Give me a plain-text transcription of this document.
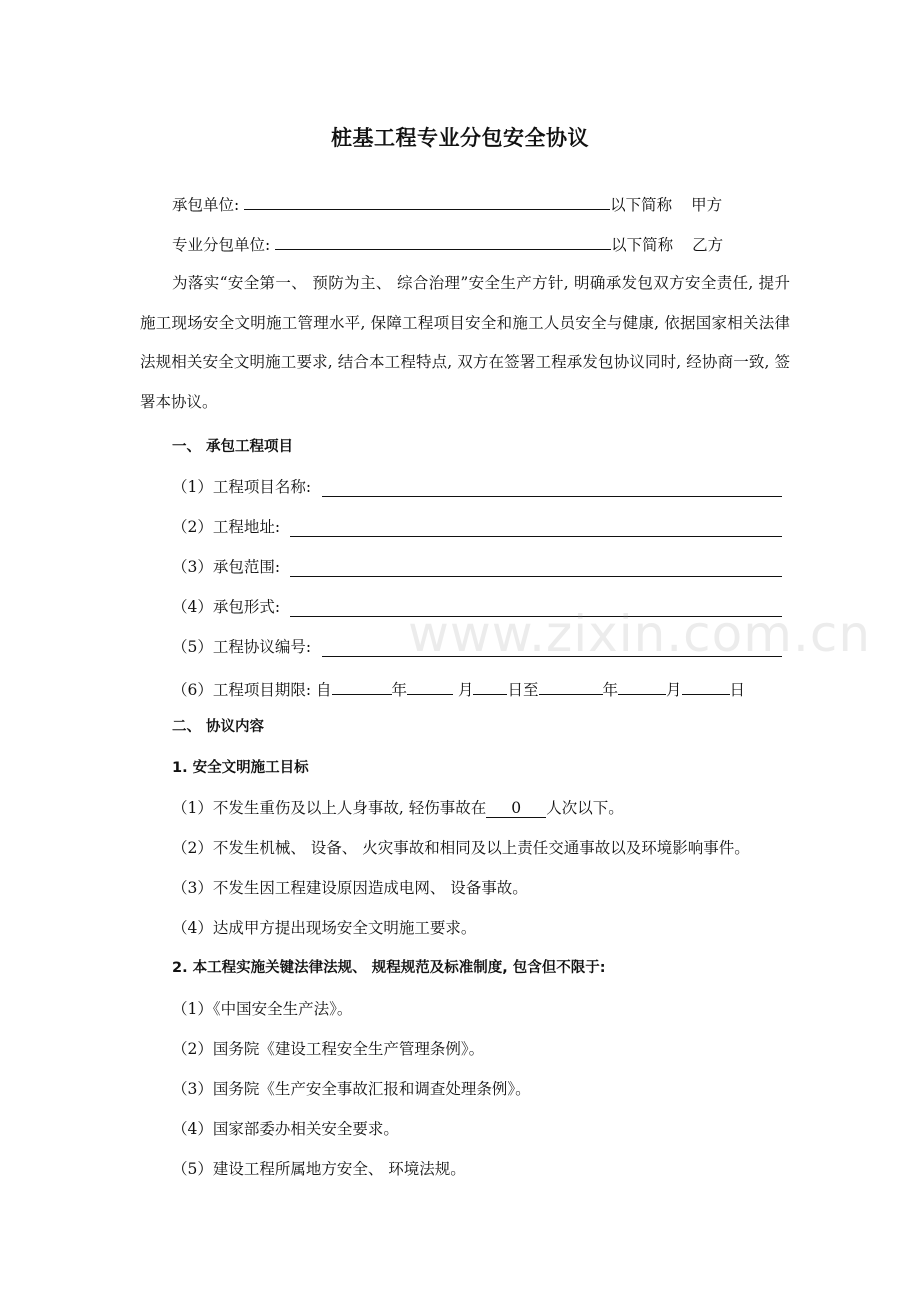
桩基工程专业分包安全协议
承包单位:	以下简称 甲方
专业分包单位:	以下简称 乙方
为落实“安全第一、 预防为主、 综合治理”安全生产方针, 明确承发包双方安全责任, 提升施工现场安全文明施工管理水平, 保障工程项目安全和施工人员安全与健康, 依据国家相关法律法规相关安全文明施工要求, 结合本工程特点, 双方在签署工程承发包协议同时, 经协商一致, 签署本协议。
一、 承包工程项目
（1）工程项目名称:
（2）工程地址:
（3）承包范围:
（4）承包形式:
（5）工程协议编号:
（6）工程项目期限: 自	年	月 日至	年	月	日
二、 协议内容
1. 安全文明施工目标
（1）不发生重伤及以上人身事故, 轻伤事故在 0 人次以下。
（2）不发生机械、 设备、 火灾事故和相同及以上责任交通事故以及环境影响事件。
（3）不发生因工程建设原因造成电网、 设备事故。
（4）达成甲方提出现场安全文明施工要求。
2. 本工程实施关键法律法规、 规程规范及标准制度, 包含但不限于:
（1）《中国安全生产法》。
（2）国务院《建设工程安全生产管理条例》。
（3）国务院《生产安全事故汇报和调查处理条例》。
（4）国家部委办相关安全要求。
（5）建设工程所属地方安全、 环境法规。
www.zixin.com.cn
